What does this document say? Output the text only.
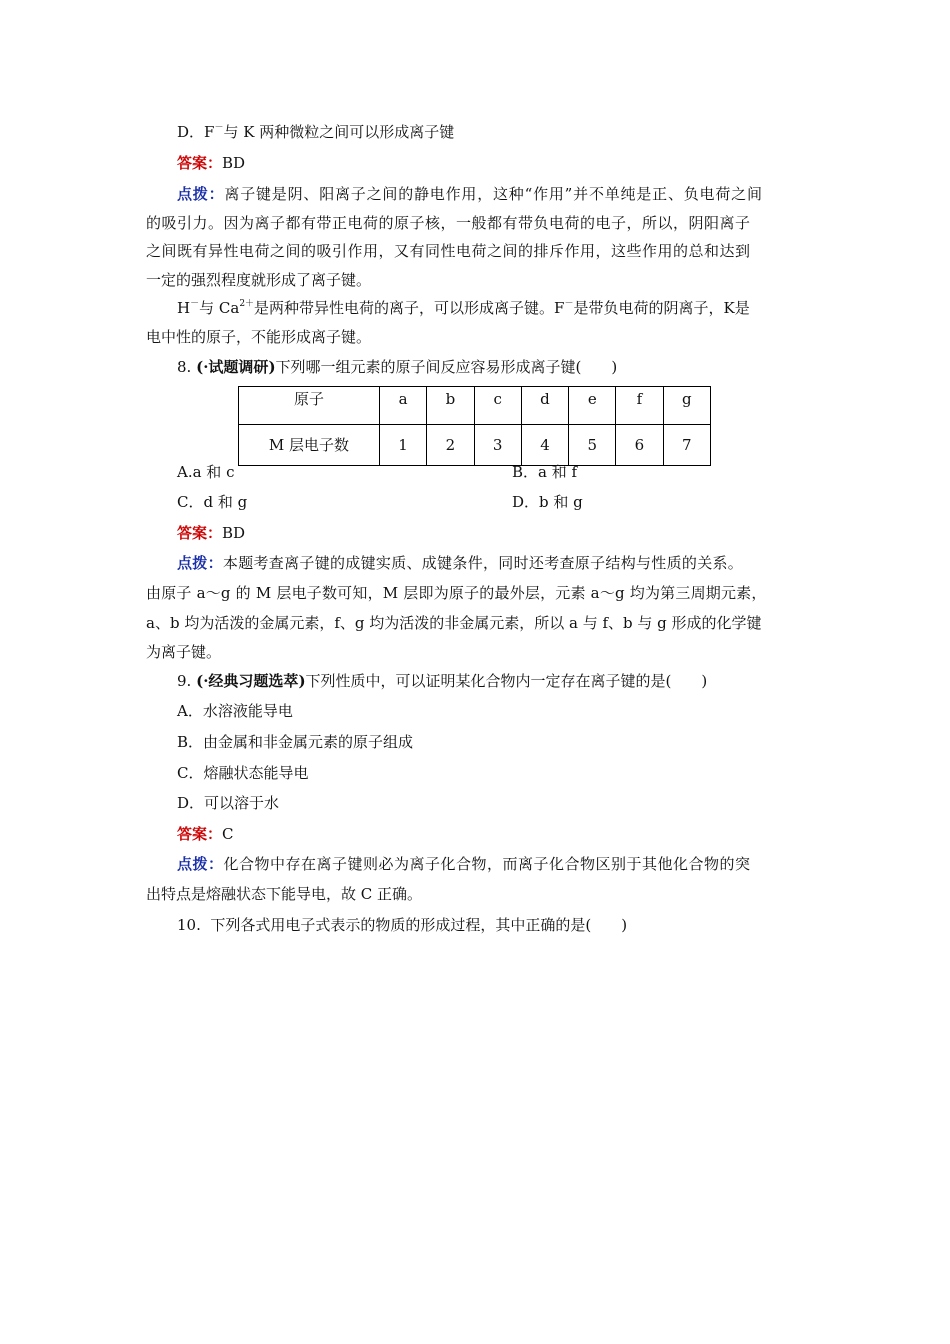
D．F－与 K 两种微粒之间可以形成离子键
答案：BD
点拨：离子键是阴、阳离子之间的静电作用，这种“作用”并不单纯是正、负电荷之间
的吸引力。因为离子都有带正电荷的原子核，一般都有带负电荷的电子，所以，阴阳离子
之间既有异性电荷之间的吸引作用，又有同性电荷之间的排斥作用，这些作用的总和达到
一定的强烈程度就形成了离子键。
H－与 $Ca^{2+}$是两种带异性电荷的离子，可以形成离子键。F－是带负电荷的阴离子，K是
电中性的原子，不能形成离子键。
8. (·试题调研)下列哪一组元素的原子间反应容易形成离子键(　　)
原子	a	b	c	d	e	f	g
M 层电子数	1	2	3	4	5	6	7
A.a 和 c	B．a 和 f
C．d 和 g	D．b 和 g
答案：BD
点拨：本题考查离子键的成键实质、成键条件，同时还考查原子结构与性质的关系。
由原子 a～g 的 M 层电子数可知，M 层即为原子的最外层，元素 a～g 均为第三周期元素，
a、b 均为活泼的金属元素，f、g 均为活泼的非金属元素，所以 a 与 f、b 与 g 形成的化学键
为离子键。
9. (·经典习题选萃)下列性质中，可以证明某化合物内一定存在离子键的是(　　)
A．水溶液能导电
B．由金属和非金属元素的原子组成
C．熔融状态能导电
D．可以溶于水
答案：C
点拨：化合物中存在离子键则必为离子化合物，而离子化合物区别于其他化合物的突
出特点是熔融状态下能导电，故 C 正确。
10. 下列各式用电子式表示的物质的形成过程，其中正确的是(　　)
